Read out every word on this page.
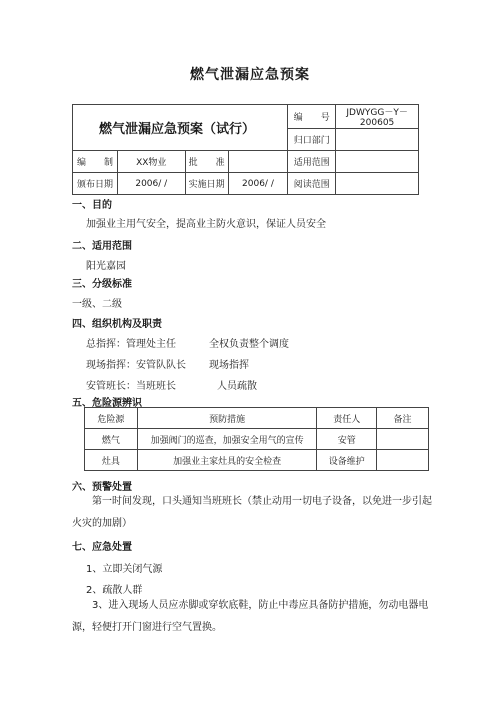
燃气泄漏应急预案
燃气泄漏应急预案（试行）				编　　号	JDWYGG－Y－200605
				归口部门	
编　　制	XX物业	批　　准		适用范围	
颁布日期	2006/ /	实施日期	2006/ /	阅读范围	
一、目的
加强业主用气安全，提高业主防火意识，保证人员安全
二、适用范围
阳光嘉园
三、分级标准
一级、二级
四、组织机构及职责
总指挥：管理处主任	全权负责整个调度
现场指挥：安管队队长 现场指挥
安管班长：当班班长	人员疏散
五、危险源辨识
危险源	预防措施	责任人	备注
燃气	加强阀门的巡查，加强安全用气的宣传	安管	
灶具	加强业主家灶具的安全检查	设备维护	
六、预警处置
第一时间发现，口头通知当班班长（禁止动用一切电子设备，以免进一步引起火灾的加剧）
七、应急处置
1、立即关闭气源
2、疏散人群
3、进入现场人员应赤脚或穿软底鞋，防止中毒应具备防护措施，勿动电器电源，轻便打开门窗进行空气置换。
